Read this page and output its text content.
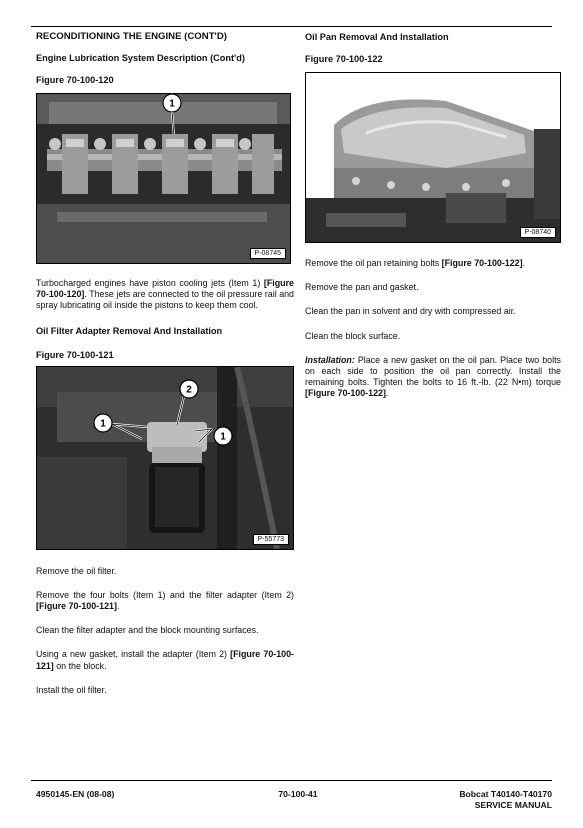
RECONDITIONING THE ENGINE (CONT'D)
Engine Lubrication System Description (Cont'd)
Figure 70-100-120
1
P-08745

Turbocharged engines have piston cooling jets (Item 1) [Figure 70-100-120]. These jets are connected to the oil pressure rail and spray lubricating oil inside the pistons to keep them cool.

Oil Filter Adapter Removal And Installation
Figure 70-100-121
1
2
1
P-55773

Remove the oil filter.

Remove the four bolts (Item 1) and the filter adapter (Item 2) [Figure 70-100-121].

Clean the filter adapter and the block mounting surfaces.

Using a new gasket, install the adapter (Item 2) [Figure 70-100-121] on the block.

Install the oil filter.

Oil Pan Removal And Installation
Figure 70-100-122
P-08740

Remove the oil pan retaining bolts [Figure 70-100-122].

Remove the pan and gasket.

Clean the pan in solvent and dry with compressed air.

Clean the block surface.

Installation: Place a new gasket on the oil pan. Place two bolts on each side to position the oil pan correctly. Install the remaining bolts. Tighten the bolts to 16 ft.-lb. (22 N•m) torque [Figure 70-100-122].

4950145-EN (08-08)	70-100-41	Bobcat T40140-T40170
SERVICE MANUAL
